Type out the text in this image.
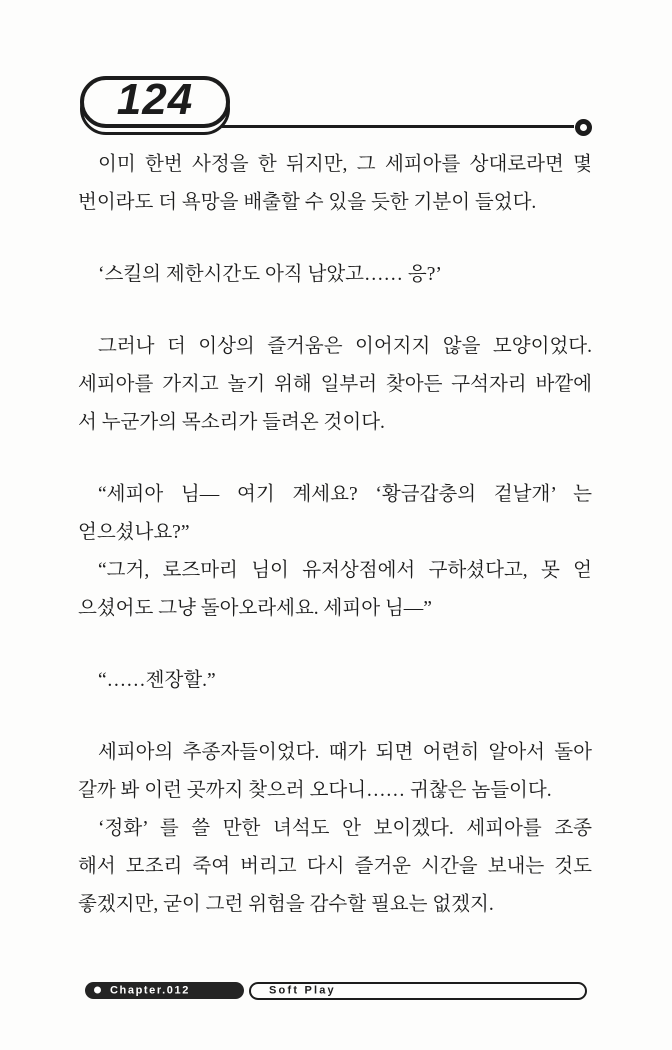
124
이미 한번 사정을 한 뒤지만, 그 세피아를 상대로라면 몇
번이라도 더 욕망을 배출할 수 있을 듯한 기분이 들었다.
‘스킬의 제한시간도 아직 남았고…… 응?’
그러나 더 이상의 즐거움은 이어지지 않을 모양이었다.
세피아를 가지고 놀기 위해 일부러 찾아든 구석자리 바깥에
서 누군가의 목소리가 들려온 것이다.
“세피아 님― 여기 계세요? ‘황금갑충의 겉날개’ 는
얻으셨나요?”
“그거, 로즈마리 님이 유저상점에서 구하셨다고, 못 얻
으셨어도 그냥 돌아오라세요. 세피아 님―”
“……젠장할.”
세피아의 추종자들이었다. 때가 되면 어련히 알아서 돌아
갈까 봐 이런 곳까지 찾으러 오다니…… 귀찮은 놈들이다.
‘정화’ 를 쓸 만한 녀석도 안 보이겠다. 세피아를 조종
해서 모조리 죽여 버리고 다시 즐거운 시간을 보내는 것도
좋겠지만, 굳이 그런 위험을 감수할 필요는 없겠지.
Chapter.012	Soft Play
